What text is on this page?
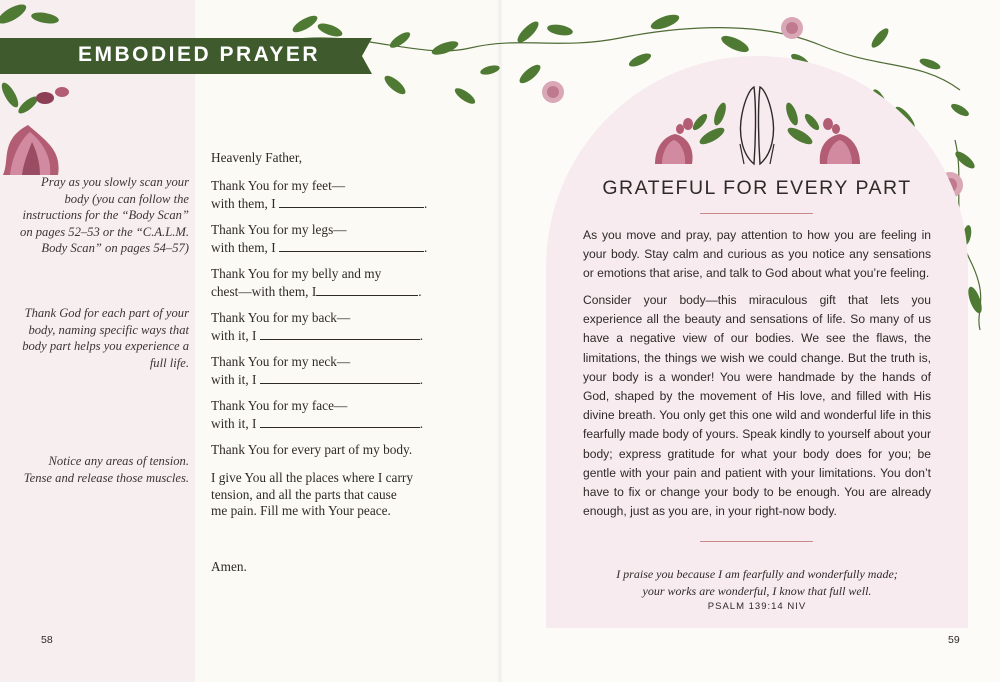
EMBODIED PRAYER
Pray as you slowly scan your body (you can follow the instructions for the “Body Scan” on pages 52–53 or the “C.A.L.M. Body Scan” on pages 54–57)
Thank God for each part of your body, naming specific ways that body part helps you experience a full life.
Notice any areas of tension. Tense and release those muscles.
Heavenly Father,
Thank You for my feet—
with them, I	.
Thank You for my legs—
with them, I	.
Thank You for my belly and my
chest—with them, I	.
Thank You for my back—
with it, I	.
Thank You for my neck—
with it, I	.
Thank You for my face—
with it, I	.
Thank You for every part of my body.
I give You all the places where I carry
tension, and all the parts that cause
me pain. Fill me with Your peace.
Amen.
58
GRATEFUL FOR EVERY PART
As you move and pray, pay attention to how you are feeling in your body. Stay calm and curious as you notice any sensations or emotions that arise, and talk to God about what you’re feeling.
Consider your body—this miraculous gift that lets you experience all the beauty and sensations of life. So many of us have a negative view of our bodies. We see the flaws, the limitations, the things we wish we could change. But the truth is, your body is a wonder! You were handmade by the hands of God, shaped by the movement of His love, and filled with His divine breath. You only get this one wild and wonderful life in this fearfully made body of yours. Speak kindly to yourself about your body; express gratitude for what your body does for you; be gentle with your pain and patient with your limitations. You don’t have to fix or change your body to be enough. You are already enough, just as you are, in your right-now body.
I praise you because I am fearfully and wonderfully made;
your works are wonderful, I know that full well.
PSALM 139:14 NIV
59
